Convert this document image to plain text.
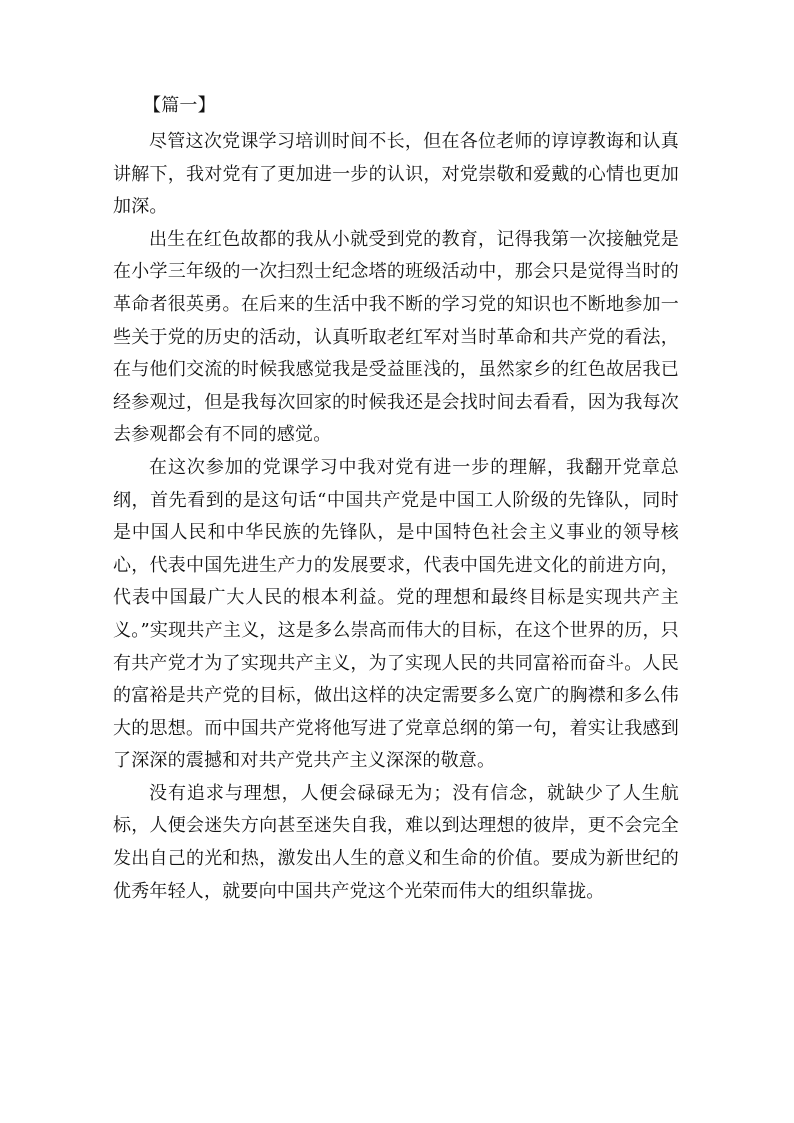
【篇一】

尽管这次党课学习培训时间不长，但在各位老师的谆谆教诲和认真讲解下，我对党有了更加进一步的认识，对党崇敬和爱戴的心情也更加加深。

出生在红色故都的我从小就受到党的教育，记得我第一次接触党是在小学三年级的一次扫烈士纪念塔的班级活动中，那会只是觉得当时的革命者很英勇。在后来的生活中我不断的学习党的知识也不断地参加一些关于党的历史的活动，认真听取老红军对当时革命和共产党的看法，在与他们交流的时候我感觉我是受益匪浅的，虽然家乡的红色故居我已经参观过，但是我每次回家的时候我还是会找时间去看看，因为我每次去参观都会有不同的感觉。

在这次参加的党课学习中我对党有进一步的理解，我翻开党章总纲，首先看到的是这句话“中国共产党是中国工人阶级的先锋队，同时是中国人民和中华民族的先锋队，是中国特色社会主义事业的领导核心，代表中国先进生产力的发展要求，代表中国先进文化的前进方向，代表中国最广大人民的根本利益。党的理想和最终目标是实现共产主义。”实现共产主义，这是多么崇高而伟大的目标，在这个世界的历，只有共产党才为了实现共产主义，为了实现人民的共同富裕而奋斗。人民的富裕是共产党的目标，做出这样的决定需要多么宽广的胸襟和多么伟大的思想。而中国共产党将他写进了党章总纲的第一句，着实让我感到了深深的震撼和对共产党共产主义深深的敬意。

没有追求与理想，人便会碌碌无为；没有信念，就缺少了人生航标，人便会迷失方向甚至迷失自我，难以到达理想的彼岸，更不会完全发出自己的光和热，激发出人生的意义和生命的价值。要成为新世纪的优秀年轻人，就要向中国共产党这个光荣而伟大的组织靠拢。
